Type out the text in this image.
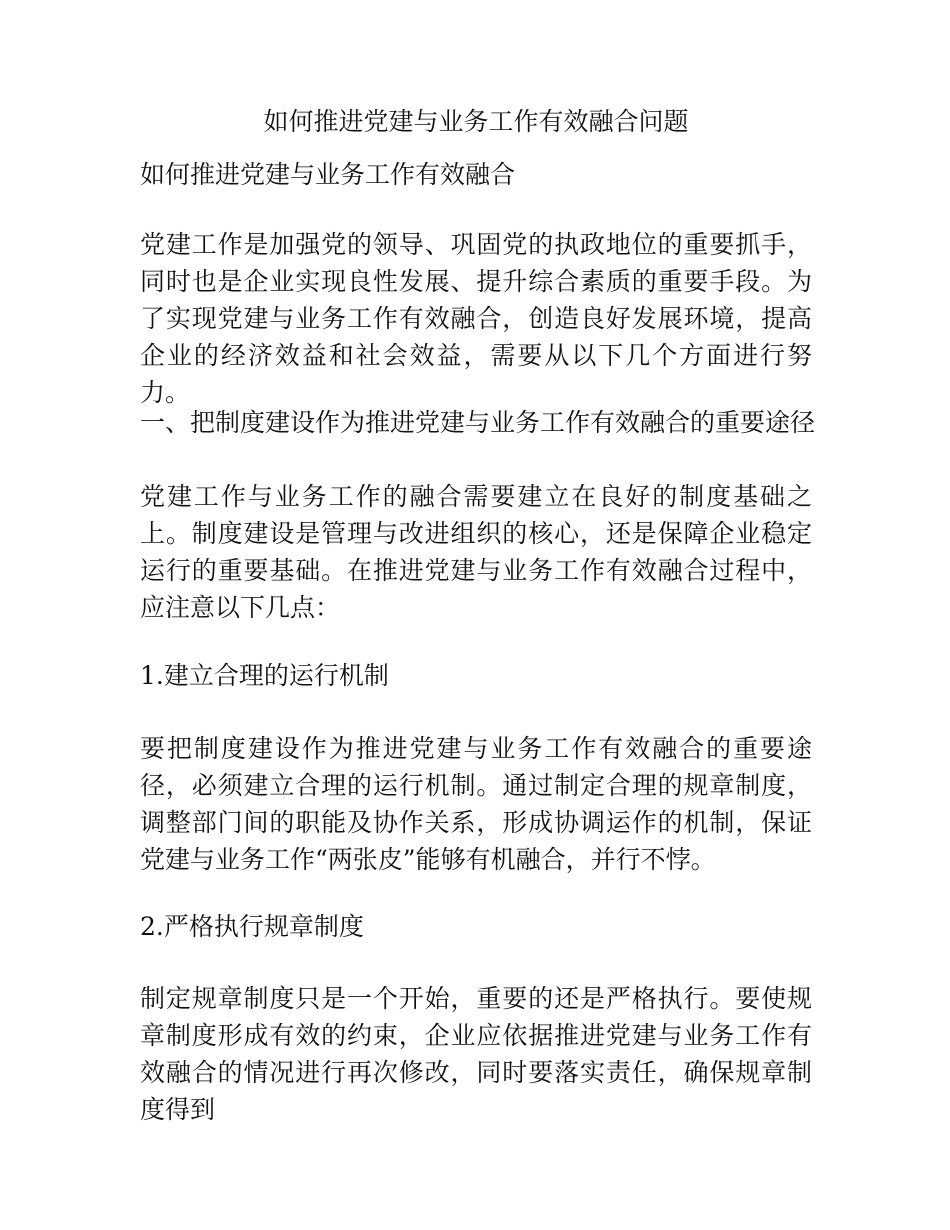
如何推进党建与业务工作有效融合问题
如何推进党建与业务工作有效融合
党建工作是加强党的领导、巩固党的执政地位的重要抓手，同时也是企业实现良性发展、提升综合素质的重要手段。为了实现党建与业务工作有效融合，创造良好发展环境，提高企业的经济效益和社会效益，需要从以下几个方面进行努力。
一、把制度建设作为推进党建与业务工作有效融合的重要途径
党建工作与业务工作的融合需要建立在良好的制度基础之上。制度建设是管理与改进组织的核心，还是保障企业稳定运行的重要基础。在推进党建与业务工作有效融合过程中，应注意以下几点：
1.建立合理的运行机制
要把制度建设作为推进党建与业务工作有效融合的重要途径，必须建立合理的运行机制。通过制定合理的规章制度，调整部门间的职能及协作关系，形成协调运作的机制，保证党建与业务工作“两张皮”能够有机融合，并行不悖。
2.严格执行规章制度
制定规章制度只是一个开始，重要的还是严格执行。要使规章制度形成有效的约束，企业应依据推进党建与业务工作有效融合的情况进行再次修改，同时要落实责任，确保规章制度得到
